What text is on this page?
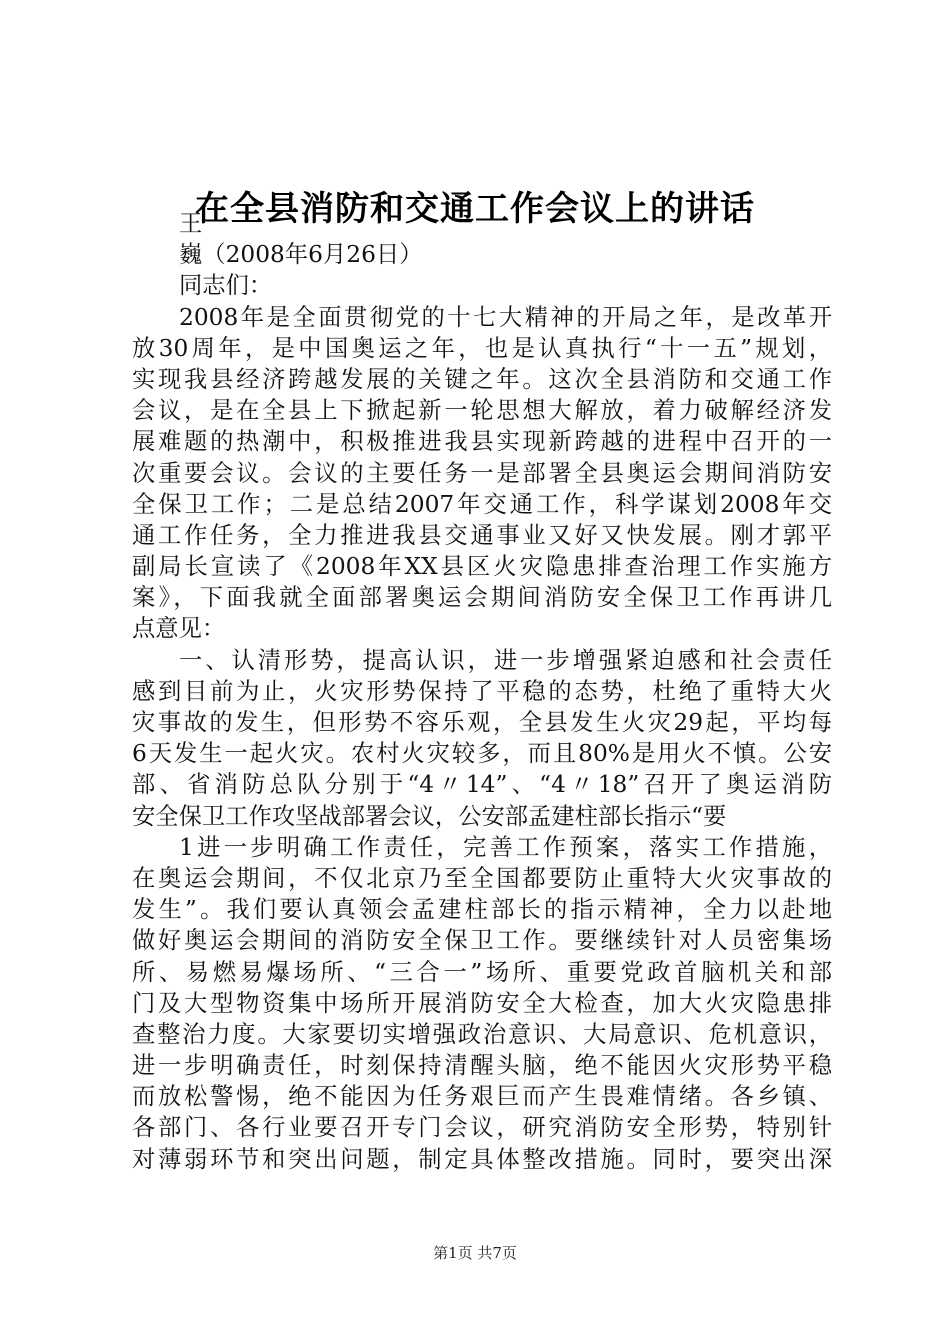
在全县消防和交通工作会议上的讲话
王
巍（2008年6月26日）
同志们：
2008年是全面贯彻党的十七大精神的开局之年，是改革开
放30周年，是中国奥运之年，也是认真执行“十一五”规划，
实现我县经济跨越发展的关键之年。这次全县消防和交通工作
会议，是在全县上下掀起新一轮思想大解放，着力破解经济发
展难题的热潮中，积极推进我县实现新跨越的进程中召开的一
次重要会议。会议的主要任务一是部署全县奥运会期间消防安
全保卫工作；二是总结2007年交通工作，科学谋划2008年交
通工作任务，全力推进我县交通事业又好又快发展。刚才郭平
副局长宣读了《2008年XX县区火灾隐患排查治理工作实施方
案》，下面我就全面部署奥运会期间消防安全保卫工作再讲几
点意见：
一、认清形势，提高认识，进一步增强紧迫感和社会责任
感到目前为止，火灾形势保持了平稳的态势，杜绝了重特大火
灾事故的发生，但形势不容乐观，全县发生火灾29起，平均每
6天发生一起火灾。农村火灾较多，而且80%是用火不慎。公安
部、省消防总队分别于“4〃14”、“4〃18”召开了奥运消防
安全保卫工作攻坚战部署会议，公安部孟建柱部长指示“要
1进一步明确工作责任，完善工作预案，落实工作措施，
在奥运会期间，不仅北京乃至全国都要防止重特大火灾事故的
发生”。我们要认真领会孟建柱部长的指示精神，全力以赴地
做好奥运会期间的消防安全保卫工作。要继续针对人员密集场
所、易燃易爆场所、“三合一”场所、重要党政首脑机关和部
门及大型物资集中场所开展消防安全大检查，加大火灾隐患排
查整治力度。大家要切实增强政治意识、大局意识、危机意识，
进一步明确责任，时刻保持清醒头脑，绝不能因火灾形势平稳
而放松警惕，绝不能因为任务艰巨而产生畏难情绪。各乡镇、
各部门、各行业要召开专门会议，研究消防安全形势，特别针
对薄弱环节和突出问题，制定具体整改措施。同时，要突出深
第1页 共7页
